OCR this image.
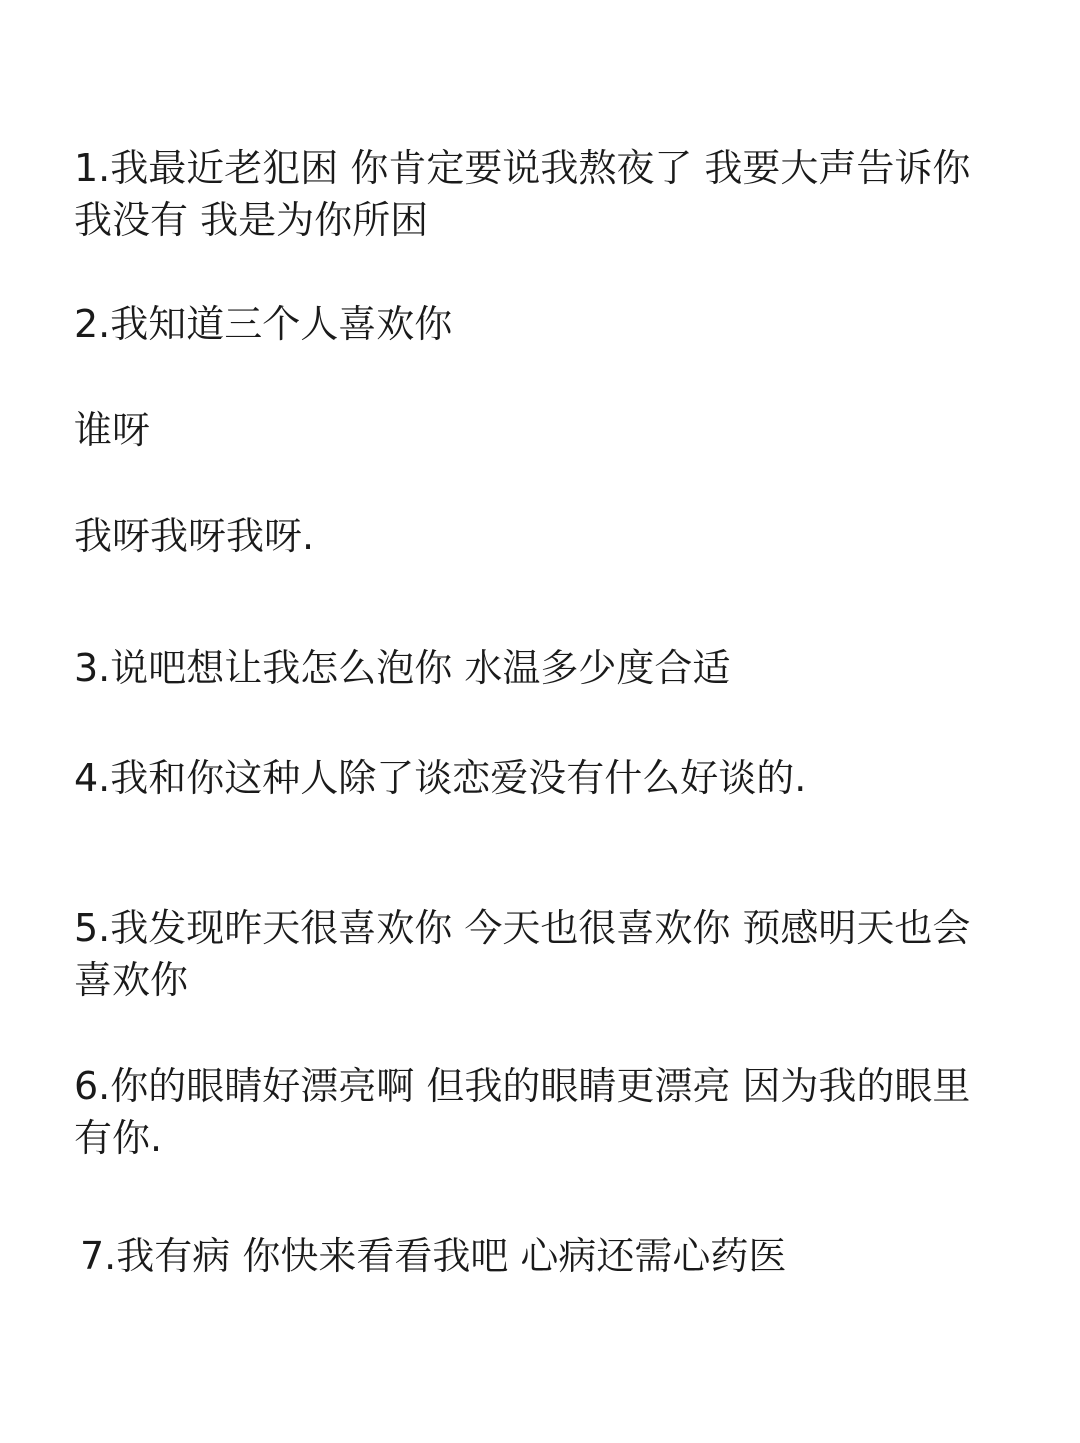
1.我最近老犯困 你肯定要说我熬夜了 我要大声告诉你我没有 我是为你所困
2.我知道三个人喜欢你
谁呀
我呀我呀我呀.
3.说吧想让我怎么泡你 水温多少度合适
4.我和你这种人除了谈恋爱没有什么好谈的.
5.我发现昨天很喜欢你 今天也很喜欢你 预感明天也会喜欢你
6.你的眼睛好漂亮啊 但我的眼睛更漂亮 因为我的眼里有你.
7.我有病 你快来看看我吧 心病还需心药医
